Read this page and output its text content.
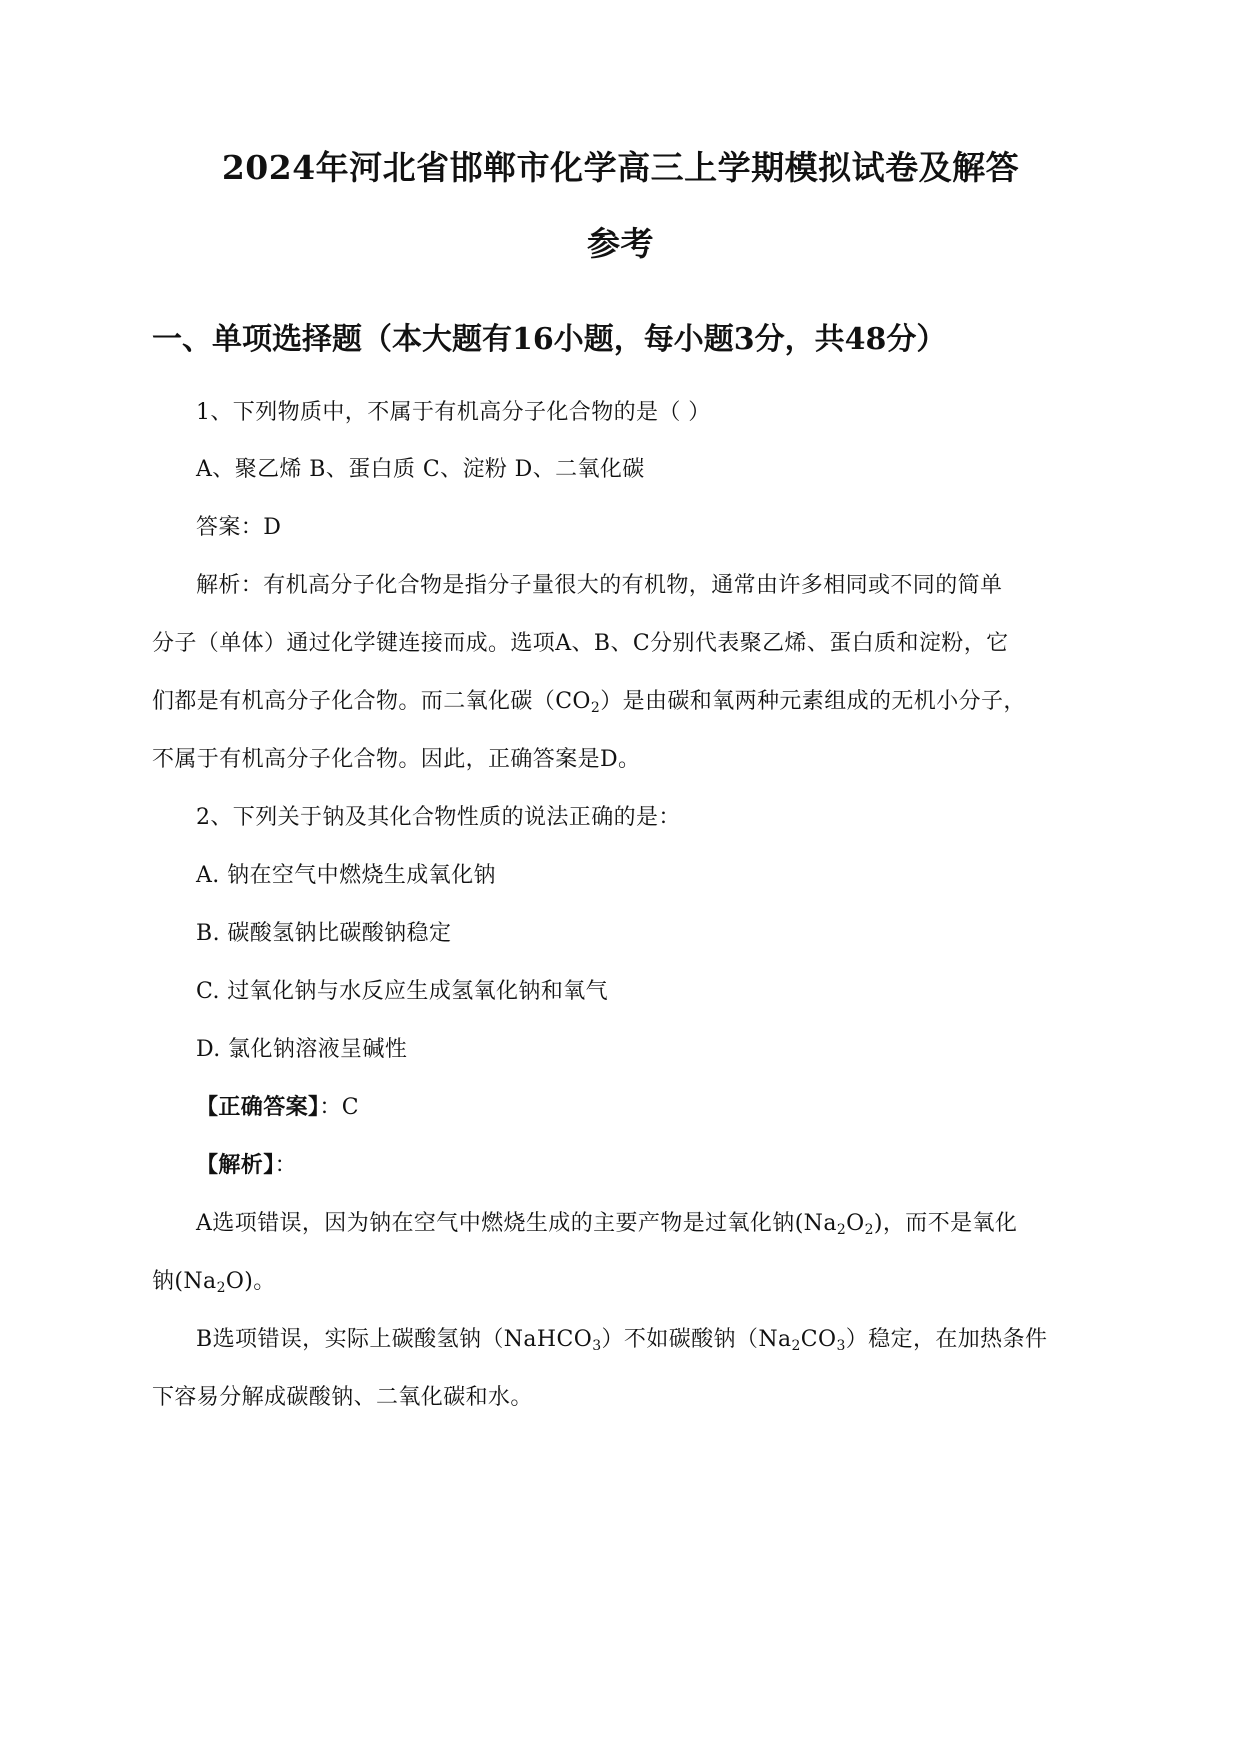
2024年河北省邯郸市化学高三上学期模拟试卷及解答
参考
一、单项选择题（本大题有16小题，每小题3分，共48分）
1、下列物质中，不属于有机高分子化合物的是（ ）
A、聚乙烯 B、蛋白质 C、淀粉 D、二氧化碳
答案：D
解析：有机高分子化合物是指分子量很大的有机物，通常由许多相同或不同的简单
分子（单体）通过化学键连接而成。选项A、B、C分别代表聚乙烯、蛋白质和淀粉，它
们都是有机高分子化合物。而二氧化碳$(CO_2)$是由碳和氧两种元素组成的无机小分子，
不属于有机高分子化合物。因此，正确答案是D。
2、下列关于钠及其化合物性质的说法正确的是：
A. 钠在空气中燃烧生成氧化钠
B. 碳酸氢钠比碳酸钠稳定
C. 过氧化钠与水反应生成氢氧化钠和氧气
D. 氯化钠溶液呈碱性
【正确答案】：C
【解析】：
A选项错误，因为钠在空气中燃烧生成的主要产物是过氧化钠$(Na_2O_2)$，而不是氧化
钠$(Na_2O)$。
B选项错误，实际上碳酸氢钠（NaHCO$_3$）不如碳酸钠$(Na_2CO_3)$稳定，在加热条件
下容易分解成碳酸钠、二氧化碳和水。
